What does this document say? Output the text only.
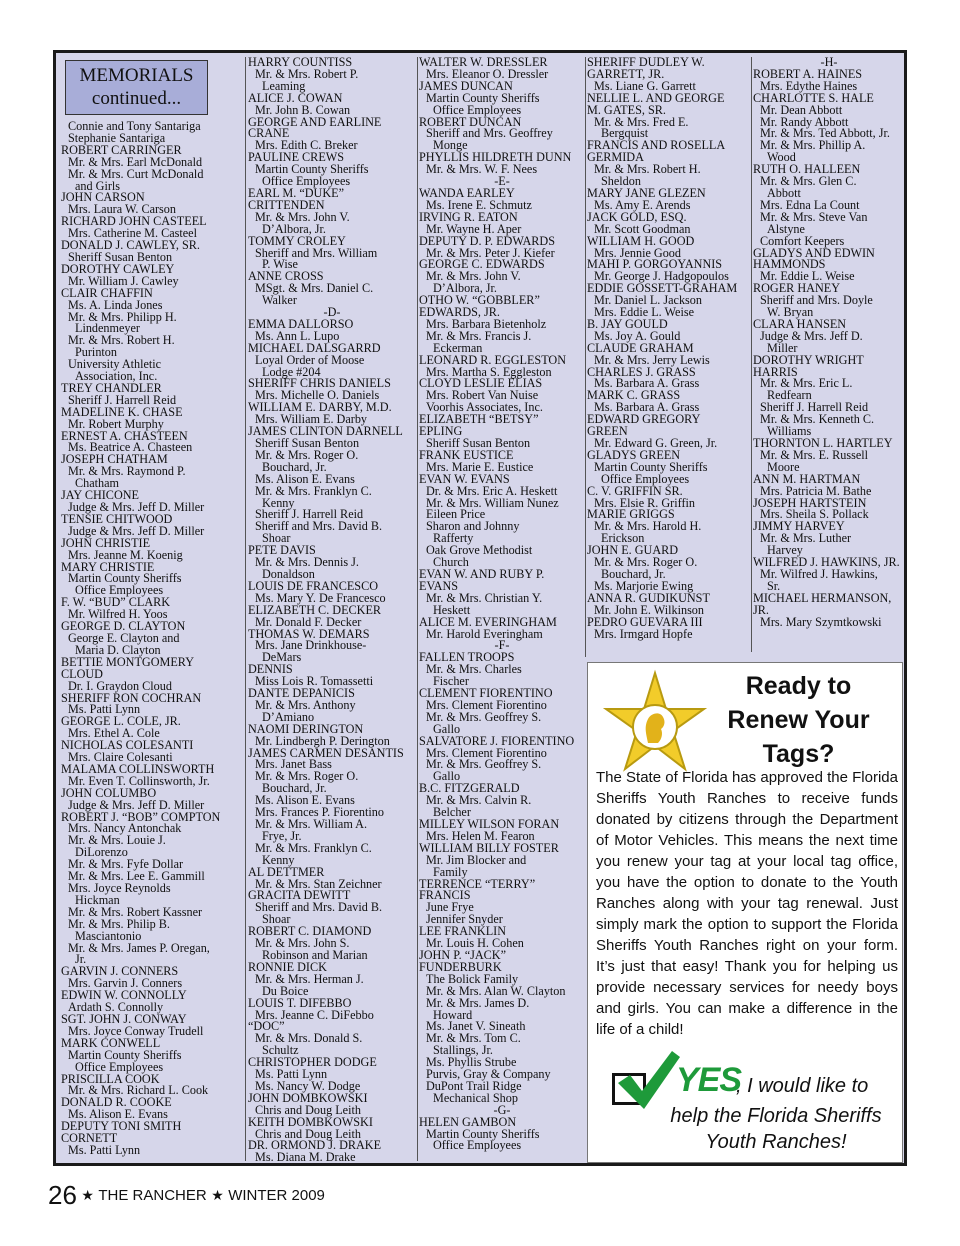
MEMORIALS
continued...
Connie and Tony Santariga
Stephanie Santariga
ROBERT CARRINGER
Mr. & Mrs. Earl McDonald
Mr. & Mrs. Curt McDonald
and Girls
JOHN CARSON
Mrs. Laura W. Carson
RICHARD JOHN CASTEEL
Mrs. Catherine M. Casteel
DONALD J. CAWLEY, SR.
Sheriff Susan Benton
DOROTHY CAWLEY
Mr. William J. Cawley
CLAIR CHAFFIN
Ms. A. Linda Jones
Mr. & Mrs. Philipp H.
Lindenmeyer
Mr. & Mrs. Robert H.
Purinton
University Athletic
Association, Inc.
TREY CHANDLER
Sheriff J. Harrell Reid
MADELINE K. CHASE
Mr. Robert Murphy
ERNEST A. CHASTEEN
Ms. Beatrice A. Chasteen
JOSEPH CHATHAM
Mr. & Mrs. Raymond P.
Chatham
JAY CHICONE
Judge & Mrs. Jeff D. Miller
TENSIE CHITWOOD
Judge & Mrs. Jeff D. Miller
JOHN CHRISTIE
Mrs. Jeanne M. Koenig
MARY CHRISTIE
Martin County Sheriffs
Office Employees
F. W. “BUD” CLARK
Mr. Wilfred H. Yoos
GEORGE D. CLAYTON
George E. Clayton and
Maria D. Clayton
BETTIE MONTGOMERY
CLOUD
Dr. I. Graydon Cloud
SHERIFF RON COCHRAN
Ms. Patti Lynn
GEORGE L. COLE, JR.
Mrs. Ethel A. Cole
NICHOLAS COLESANTI
Mrs. Claire Colesanti
MALAMA COLLINSWORTH
Mr. Even T. Collinsworth, Jr.
JOHN COLUMBO
Judge & Mrs. Jeff D. Miller
ROBERT J. “BOB” COMPTON
Mrs. Nancy Antonchak
Mr. & Mrs. Louie J.
DiLorenzo
Mr. & Mrs. Fyfe Dollar
Mr. & Mrs. Lee E. Gammill
Mrs. Joyce Reynolds
Hickman
Mr. & Mrs. Robert Kassner
Mr. & Mrs. Philip B.
Masciantonio
Mr. & Mrs. James P. Oregan,
Jr.
GARVIN J. CONNERS
Mrs. Garvin J. Conners
EDWIN W. CONNOLLY
Ardath S. Connolly
SGT. JOHN J. CONWAY
Mrs. Joyce Conway Trudell
MARK CONWELL
Martin County Sheriffs
Office Employees
PRISCILLA COOK
Mr. & Mrs. Richard L. Cook
DONALD R. COOKE
Ms. Alison E. Evans
DEPUTY TONI SMITH
CORNETT
Ms. Patti Lynn
HARRY COUNTISS
Mr. & Mrs. Robert P.
Leaming
ALICE J. COWAN
Mr. John B. Cowan
GEORGE AND EARLINE
CRANE
Mrs. Edith C. Breker
PAULINE CREWS
Martin County Sheriffs
Office Employees
EARL M. “DUKE”
CRITTENDEN
Mr. & Mrs. John V.
D’Albora, Jr.
TOMMY CROLEY
Sheriff and Mrs. William
P. Wise
ANNE CROSS
MSgt. & Mrs. Daniel C.
Walker
-D-
EMMA DALLORSO
Ms. Ann L. Lupo
MICHAEL DALSGARRD
Loyal Order of Moose
Lodge #204
SHERIFF CHRIS DANIELS
Mrs. Michelle O. Daniels
WILLIAM E. DARBY, M.D.
Mrs. William E. Darby
JAMES CLINTON DARNELL
Sheriff Susan Benton
Mr. & Mrs. Roger O.
Bouchard, Jr.
Ms. Alison E. Evans
Mr. & Mrs. Franklyn C.
Kenny
Sheriff J. Harrell Reid
Sheriff and Mrs. David B.
Shoar
PETE DAVIS
Mr. & Mrs. Dennis J.
Donaldson
LOUIS DE FRANCESCO
Ms. Mary Y. De Francesco
ELIZABETH C. DECKER
Mr. Donald F. Decker
THOMAS W. DEMARS
Mrs. Jane Drinkhouse-
DeMars
DENNIS
Miss Lois R. Tomassetti
DANTE DEPANICIS
Mr. & Mrs. Anthony
D’Amiano
NAOMI DERINGTON
Mr. Lindbergh P. Derington
JAMES CARMEN DESANTIS
Mrs. Janet Bass
Mr. & Mrs. Roger O.
Bouchard, Jr.
Ms. Alison E. Evans
Mrs. Frances P. Fiorentino
Mr. & Mrs. William A.
Frye, Jr.
Mr. & Mrs. Franklyn C.
Kenny
AL DETTMER
Mr. & Mrs. Stan Zeichner
GRACITA DEWITT
Sheriff and Mrs. David B.
Shoar
ROBERT C. DIAMOND
Mr. & Mrs. John S.
Robinson and Marian
RONNIE DICK
Mr. & Mrs. Herman J.
Du Boice
LOUIS T. DIFEBBO
Mrs. Jeanne C. DiFebbo
“DOC”
Mr. & Mrs. Donald S.
Schultz
CHRISTOPHER DODGE
Ms. Patti Lynn
Ms. Nancy W. Dodge
JOHN DOMBKOWSKI
Chris and Doug Leith
KEITH DOMBKOWSKI
Chris and Doug Leith
DR. ORMOND J. DRAKE
Ms. Diana M. Drake
WALTER W. DRESSLER
Mrs. Eleanor O. Dressler
JAMES DUNCAN
Martin County Sheriffs
Office Employees
ROBERT DUNCAN
Sheriff and Mrs. Geoffrey
Monge
PHYLLIS HILDRETH DUNN
Mr. & Mrs. W. F. Nees
-E-
WANDA EARLEY
Ms. Irene E. Schmutz
IRVING R. EATON
Mr. Wayne H. Aper
DEPUTY D. P. EDWARDS
Mr. & Mrs. Peter J. Kiefer
GEORGE C. EDWARDS
Mr. & Mrs. John V.
D’Albora, Jr.
OTHO W. “GOBBLER”
EDWARDS, JR.
Mrs. Barbara Bietenholz
Mr. & Mrs. Francis J.
Eckerman
LEONARD R. EGGLESTON
Mrs. Martha S. Eggleston
CLOYD LESLIE ELIAS
Mrs. Robert Van Nuise
Voorhis Associates, Inc.
ELIZABETH “BETSY”
EPLING
Sheriff Susan Benton
FRANK EUSTICE
Mrs. Marie E. Eustice
EVAN W. EVANS
Dr. & Mrs. Eric A. Heskett
Mr. & Mrs. William Nunez
Eileen Price
Sharon and Johnny
Rafferty
Oak Grove Methodist
Church
EVAN W. AND RUBY P.
EVANS
Mr. & Mrs. Christian Y.
Heskett
ALICE M. EVERINGHAM
Mr. Harold Everingham
-F-
FALLEN TROOPS
Mr. & Mrs. Charles
Fischer
CLEMENT FIORENTINO
Mrs. Clement Fiorentino
Mr. & Mrs. Geoffrey S.
Gallo
SALVATORE J. FIORENTINO
Mrs. Clement Fiorentino
Mr. & Mrs. Geoffrey S.
Gallo
B.C. FITZGERALD
Mr. & Mrs. Calvin R.
Belcher
MILLEY WILSON FORAN
Mrs. Helen M. Fearon
WILLIAM BILLY FOSTER
Mr. Jim Blocker and
Family
TERRENCE “TERRY”
FRANCIS
June Frye
Jennifer Snyder
LEE FRANKLIN
Mr. Louis H. Cohen
JOHN P. “JACK”
FUNDERBURK
The Bolick Family
Mr. & Mrs. Alan W. Clayton
Mr. & Mrs. James D.
Howard
Ms. Janet V. Sineath
Mr. & Mrs. Tom C.
Stallings, Jr.
Ms. Phyllis Strube
Purvis, Gray & Company
DuPont Trail Ridge
Mechanical Shop
-G-
HELEN GAMBON
Martin County Sheriffs
Office Employees
SHERIFF DUDLEY W.
GARRETT, JR.
Ms. Liane G. Garrett
NELLIE L. AND GEORGE
M. GATES, SR.
Mr. & Mrs. Fred E.
Bergquist
FRANCIS AND ROSELLA
GERMIDA
Mr. & Mrs. Robert H.
Sheldon
MARY JANE GLEZEN
Ms. Amy E. Arends
JACK GOLD, ESQ.
Mr. Scott Goodman
WILLIAM H. GOOD
Mrs. Jennie Good
MAHI P. GORGOYANNIS
Mr. George J. Hadgopoulos
EDDIE GOSSETT-GRAHAM
Mr. Daniel L. Jackson
Mrs. Eddie L. Weise
B. JAY GOULD
Ms. Joy A. Gould
CLAUDE GRAHAM
Mr. & Mrs. Jerry Lewis
CHARLES J. GRASS
Ms. Barbara A. Grass
MARK C. GRASS
Ms. Barbara A. Grass
EDWARD GREGORY
GREEN
Mr. Edward G. Green, Jr.
GLADYS GREEN
Martin County Sheriffs
Office Employees
C. V. GRIFFIN SR.
Mrs. Elsie R. Griffin
MARIE GRIGGS
Mr. & Mrs. Harold H.
Erickson
JOHN E. GUARD
Mr. & Mrs. Roger O.
Bouchard, Jr.
Ms. Marjorie Ewing
ANNA R. GUDIKUNST
Mr. John E. Wilkinson
PEDRO GUEVARA III
Mrs. Irmgard Hopfe
-H-
ROBERT A. HAINES
Mrs. Edythe Haines
CHARLOTTE S. HALE
Mr. Dean Abbott
Mr. Randy Abbott
Mr. & Mrs. Ted Abbott, Jr.
Mr. & Mrs. Phillip A.
Wood
RUTH O. HALLEEN
Mr. & Mrs. Glen C.
Abbott
Mrs. Edna La Count
Mr. & Mrs. Steve Van
Alstyne
Comfort Keepers
GLADYS AND EDWIN
HAMMONDS
Mr. Eddie L. Weise
ROGER HANEY
Sheriff and Mrs. Doyle
W. Bryan
CLARA HANSEN
Judge & Mrs. Jeff D.
Miller
DOROTHY WRIGHT
HARRIS
Mr. & Mrs. Eric L.
Redfearn
Sheriff J. Harrell Reid
Mr. & Mrs. Kenneth C.
Williams
THORNTON L. HARTLEY
Mr. & Mrs. E. Russell
Moore
ANN M. HARTMAN
Mrs. Patricia M. Bathe
JOSEPH HARTSTEIN
Mrs. Sheila S. Pollack
JIMMY HARVEY
Mr. & Mrs. Luther
Harvey
WILFRED J. HAWKINS, JR.
Mr. Wilfred J. Hawkins,
Sr.
MICHAEL HERMANSON,
JR.
Mrs. Mary Szymtkowski
Ready to
Renew Your
Tags?
The State of Florida has approved the Florida Sheriffs Youth Ranches to receive funds donated by citizens through the Department of Motor Vehicles. This means the next time you renew your tag at your local tag office, you have the option to donate to the Youth Ranches along with your tag renewal. Just simply mark the option to support the Florida Sheriffs Youth Ranches right on your form. It’s just that easy! Thank you for helping us provide necessary services for needy boys and girls. You can make a difference in the life of a child!
YES
, I would like to
help the Florida Sheriffs Youth Ranches!
26 ★ THE RANCHER ★ WINTER 2009
